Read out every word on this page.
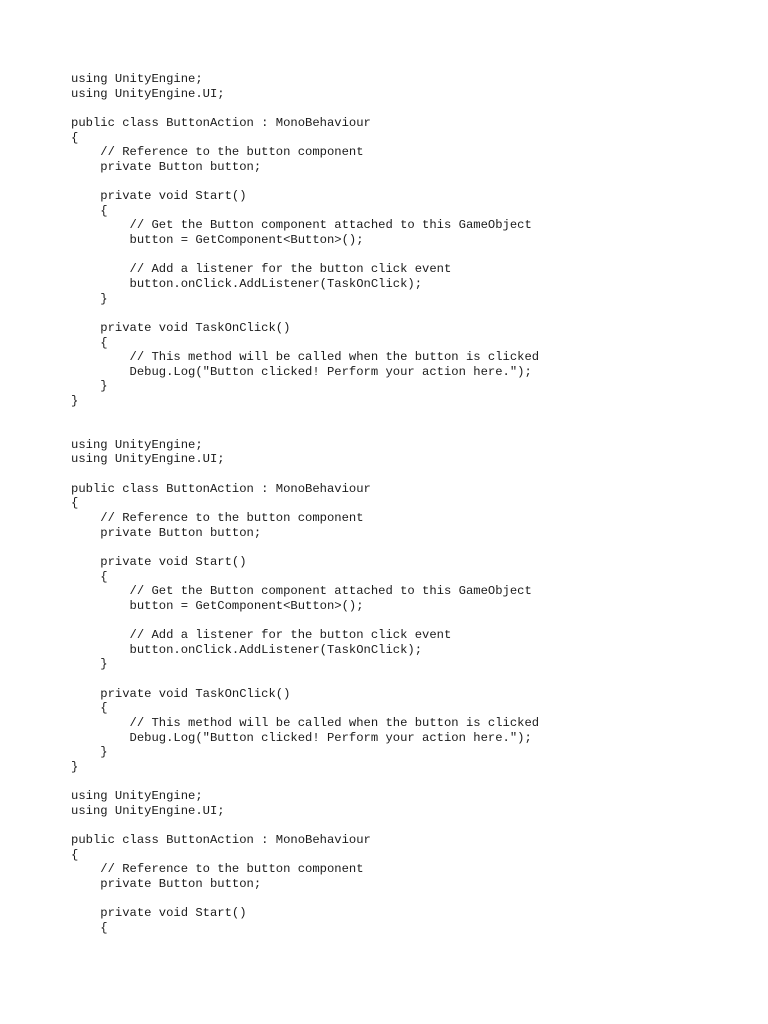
using UnityEngine;
using UnityEngine.UI;
public class ButtonAction : MonoBehaviour
{
// Reference to the button component
private Button button;
private void Start()
{
// Get the Button component attached to this GameObject
button = GetComponent<Button>();
// Add a listener for the button click event
button.onClick.AddListener(TaskOnClick);
}
private void TaskOnClick()
{
// This method will be called when the button is clicked
Debug.Log("Button clicked! Perform your action here.");
}
}
using UnityEngine;
using UnityEngine.UI;
public class ButtonAction : MonoBehaviour
{
// Reference to the button component
private Button button;
private void Start()
{
// Get the Button component attached to this GameObject
button = GetComponent<Button>();
// Add a listener for the button click event
button.onClick.AddListener(TaskOnClick);
}
private void TaskOnClick()
{
// This method will be called when the button is clicked
Debug.Log("Button clicked! Perform your action here.");
}
}
using UnityEngine;
using UnityEngine.UI;
public class ButtonAction : MonoBehaviour
{
// Reference to the button component
private Button button;
private void Start()
{
